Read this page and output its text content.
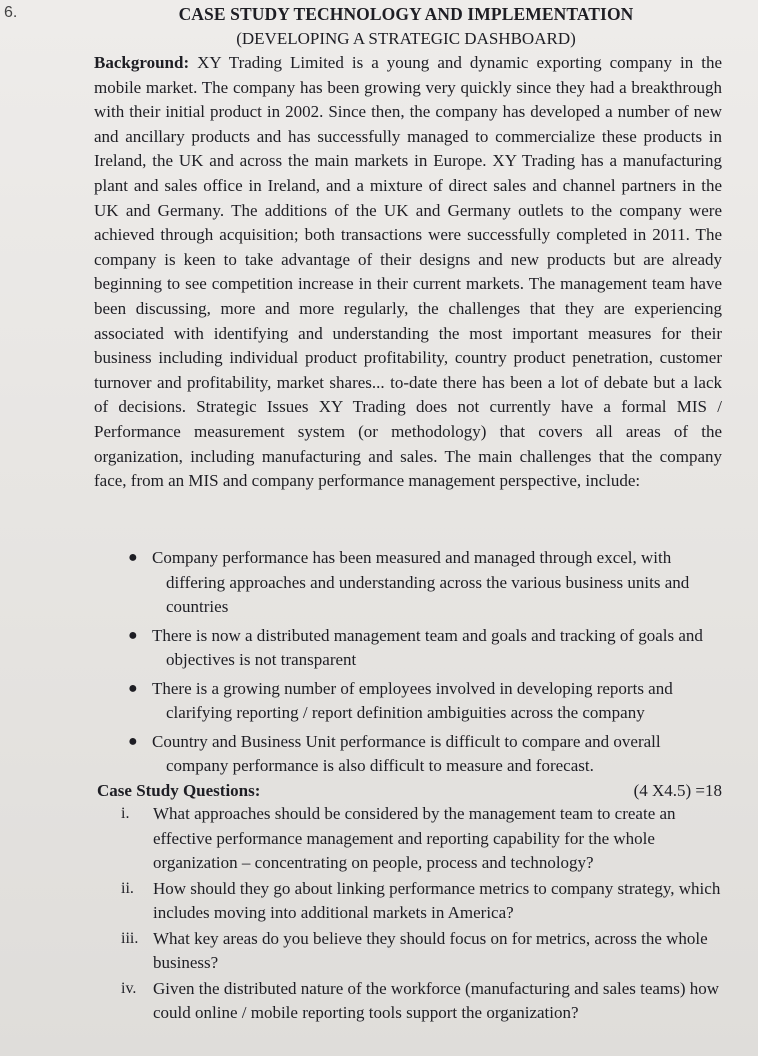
6.	CASE STUDY TECHNOLOGY AND IMPLEMENTATION
(DEVELOPING A STRATEGIC DASHBOARD)
Background: XY Trading Limited is a young and dynamic exporting company in the mobile market. The company has been growing very quickly since they had a breakthrough with their initial product in 2002. Since then, the company has developed a number of new and ancillary products and has successfully managed to commercialize these products in Ireland, the UK and across the main markets in Europe. XY Trading has a manufacturing plant and sales office in Ireland, and a mixture of direct sales and channel partners in the UK and Germany. The additions of the UK and Germany outlets to the company were achieved through acquisition; both transactions were successfully completed in 2011. The company is keen to take advantage of their designs and new products but are already beginning to see competition increase in their current markets. The management team have been discussing, more and more regularly, the challenges that they are experiencing associated with identifying and understanding the most important measures for their business including individual product profitability, country product penetration, customer turnover and profitability, market shares... to-date there has been a lot of debate but a lack of decisions. Strategic Issues XY Trading does not currently have a formal MIS / Performance measurement system (or methodology) that covers all areas of the organization, including manufacturing and sales. The main challenges that the company face, from an MIS and company performance management perspective, include:
● Company performance has been measured and managed through excel, with differing approaches and understanding across the various business units and countries
● There is now a distributed management team and goals and tracking of goals and objectives is not transparent
● There is a growing number of employees involved in developing reports and clarifying reporting / report definition ambiguities across the company
● Country and Business Unit performance is difficult to compare and overall company performance is also difficult to measure and forecast.
Case Study Questions:	(4 X4.5) =18
i.	What approaches should be considered by the management team to create an effective performance management and reporting capability for the whole organization – concentrating on people, process and technology?
ii.	How should they go about linking performance metrics to company strategy, which includes moving into additional markets in America?
iii. What key areas do you believe they should focus on for metrics, across the whole business?
iv. Given the distributed nature of the workforce (manufacturing and sales teams) how could online / mobile reporting tools support the organization?
